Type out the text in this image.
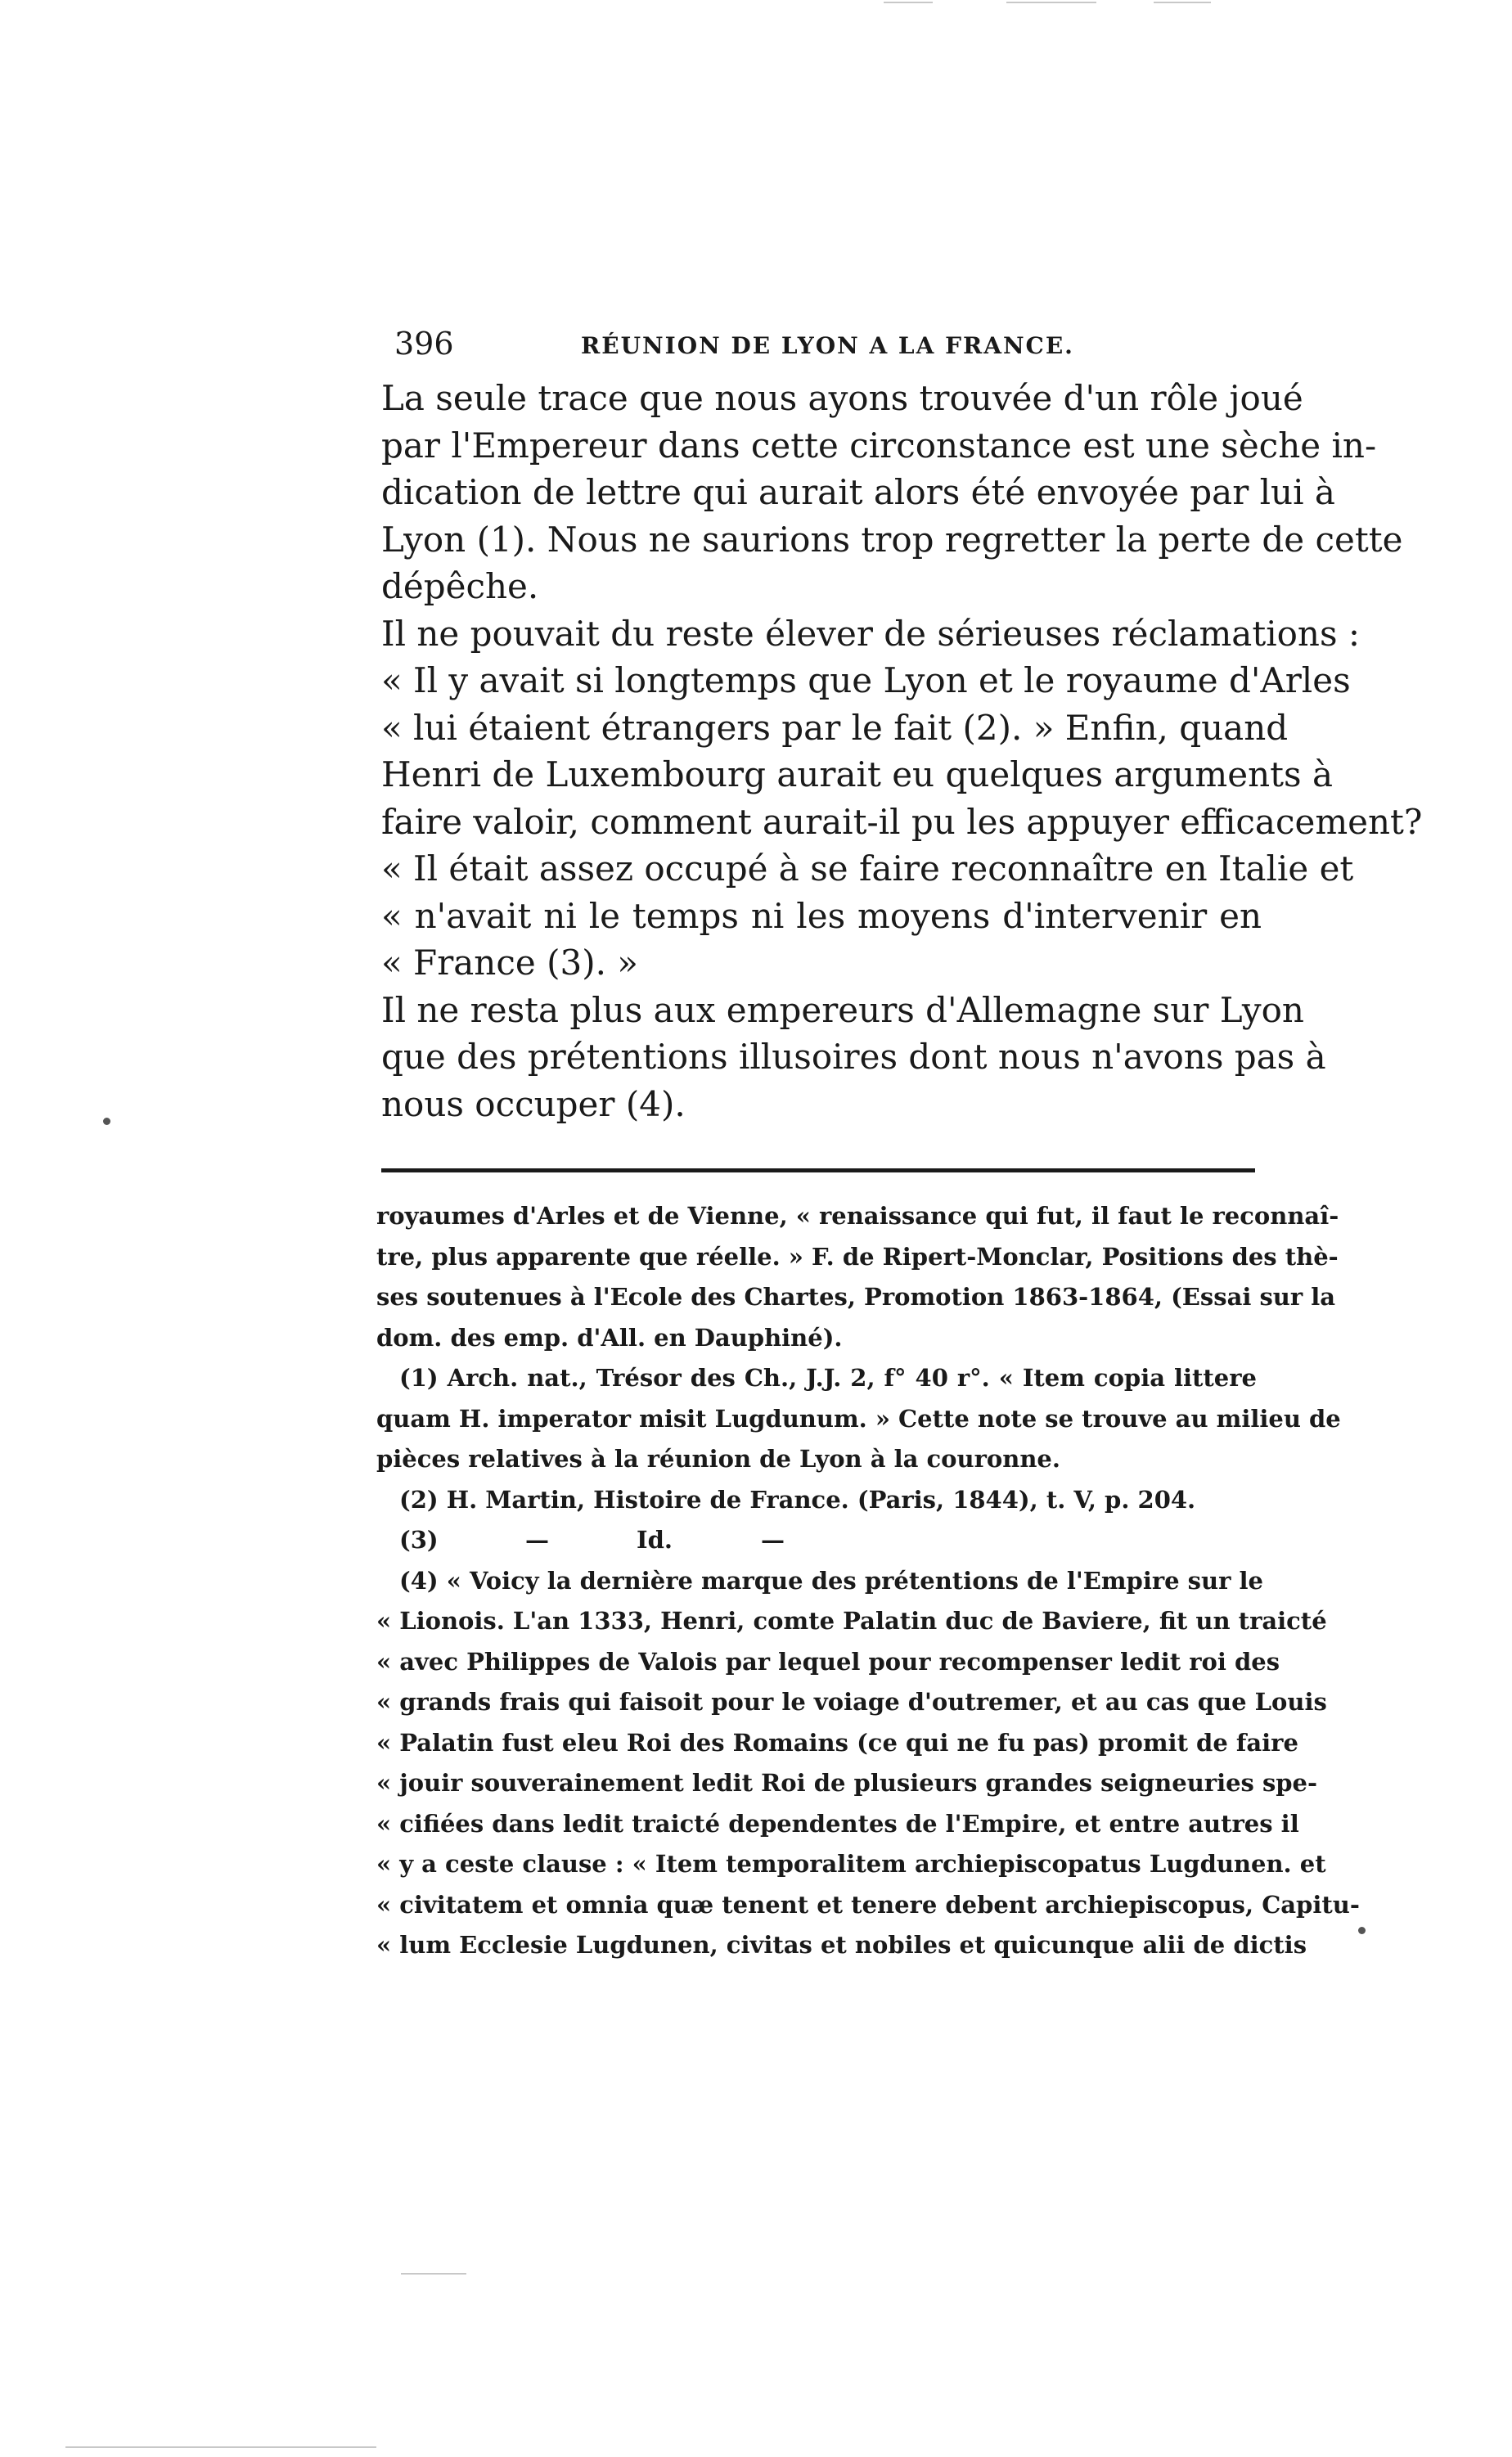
396	RÉUNION DE LYON A LA FRANCE.
La seule trace que nous ayons trouvée d'un rôle joué
par l'Empereur dans cette circonstance est une sèche in-
dication de lettre qui aurait alors été envoyée par lui à
Lyon (1). Nous ne saurions trop regretter la perte de cette
dépêche.
Il ne pouvait du reste élever de sérieuses réclamations :
« Il y avait si longtemps que Lyon et le royaume d'Arles
« lui étaient étrangers par le fait (2). » Enfin, quand
Henri de Luxembourg aurait eu quelques arguments à
faire valoir, comment aurait-il pu les appuyer efficacement?
« Il était assez occupé à se faire reconnaître en Italie et
« n'avait ni le temps ni les moyens d'intervenir en
« France (3). »
Il ne resta plus aux empereurs d'Allemagne sur Lyon
que des prétentions illusoires dont nous n'avons pas à
nous occuper (4).
royaumes d'Arles et de Vienne, « renaissance qui fut, il faut le reconnaî-
tre, plus apparente que réelle. » F. de Ripert-Monclar, Positions des thè-
ses soutenues à l'Ecole des Chartes, Promotion 1863-1864, (Essai sur la
dom. des emp. d'All. en Dauphiné).
(1) Arch. nat., Trésor des Ch., J.J. 2, f° 40 r°. « Item copia littere
quam H. imperator misit Lugdunum. » Cette note se trouve au milieu de
pièces relatives à la réunion de Lyon à la couronne.
(2) H. Martin, Histoire de France. (Paris, 1844), t. V, p. 204.
(3)	—	Id.	—
(4) « Voicy la dernière marque des prétentions de l'Empire sur le
« Lionois. L'an 1333, Henri, comte Palatin duc de Baviere, fit un traicté
« avec Philippes de Valois par lequel pour recompenser ledit roi des
« grands frais qui faisoit pour le voiage d'outremer, et au cas que Louis
« Palatin fust eleu Roi des Romains (ce qui ne fu pas) promit de faire
« jouir souverainement ledit Roi de plusieurs grandes seigneuries spe-
« cifiées dans ledit traicté dependentes de l'Empire, et entre autres il
« y a ceste clause : « Item temporalitem archiepiscopatus Lugdunen. et
« civitatem et omnia quæ tenent et tenere debent archiepiscopus, Capitu-
« lum Ecclesie Lugdunen, civitas et nobiles et quicunque alii de dictis
